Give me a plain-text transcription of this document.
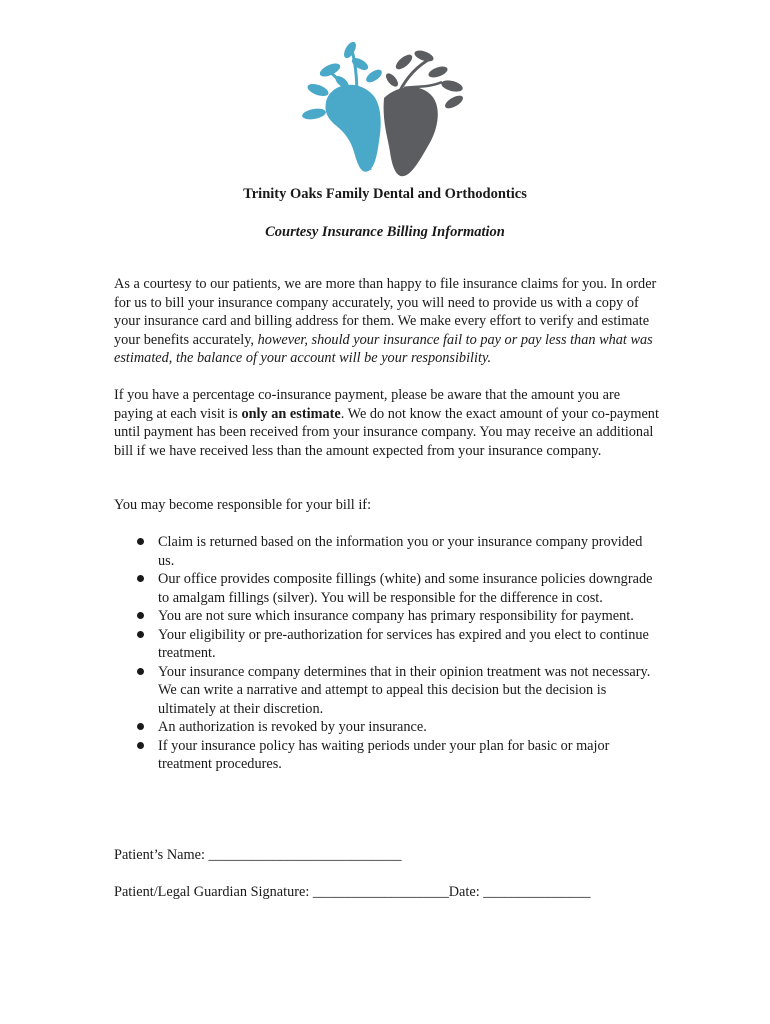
Trinity Oaks Family Dental and Orthodontics
Courtesy Insurance Billing Information
As a courtesy to our patients, we are more than happy to file insurance claims for you. In order for us to bill your insurance company accurately, you will need to provide us with a copy of your insurance card and billing address for them. We make every effort to verify and estimate your benefits accurately, however, should your insurance fail to pay or pay less than what was estimated, the balance of your account will be your responsibility.
If you have a percentage co-insurance payment, please be aware that the amount you are paying at each visit is only an estimate. We do not know the exact amount of your co-payment until payment has been received from your insurance company. You may receive an additional bill if we have received less than the amount expected from your insurance company.
You may become responsible for your bill if:
Claim is returned based on the information you or your insurance company provided us.
Our office provides composite fillings (white) and some insurance policies downgrade to amalgam fillings (silver). You will be responsible for the difference in cost.
You are not sure which insurance company has primary responsibility for payment.
Your eligibility or pre-authorization for services has expired and you elect to continue treatment.
Your insurance company determines that in their opinion treatment was not necessary. We can write a narrative and attempt to appeal this decision but the decision is ultimately at their discretion.
An authorization is revoked by your insurance.
If your insurance policy has waiting periods under your plan for basic or major treatment procedures.
Patient’s Name: ___________________________
Patient/Legal Guardian Signature: ___________________Date: _______________
